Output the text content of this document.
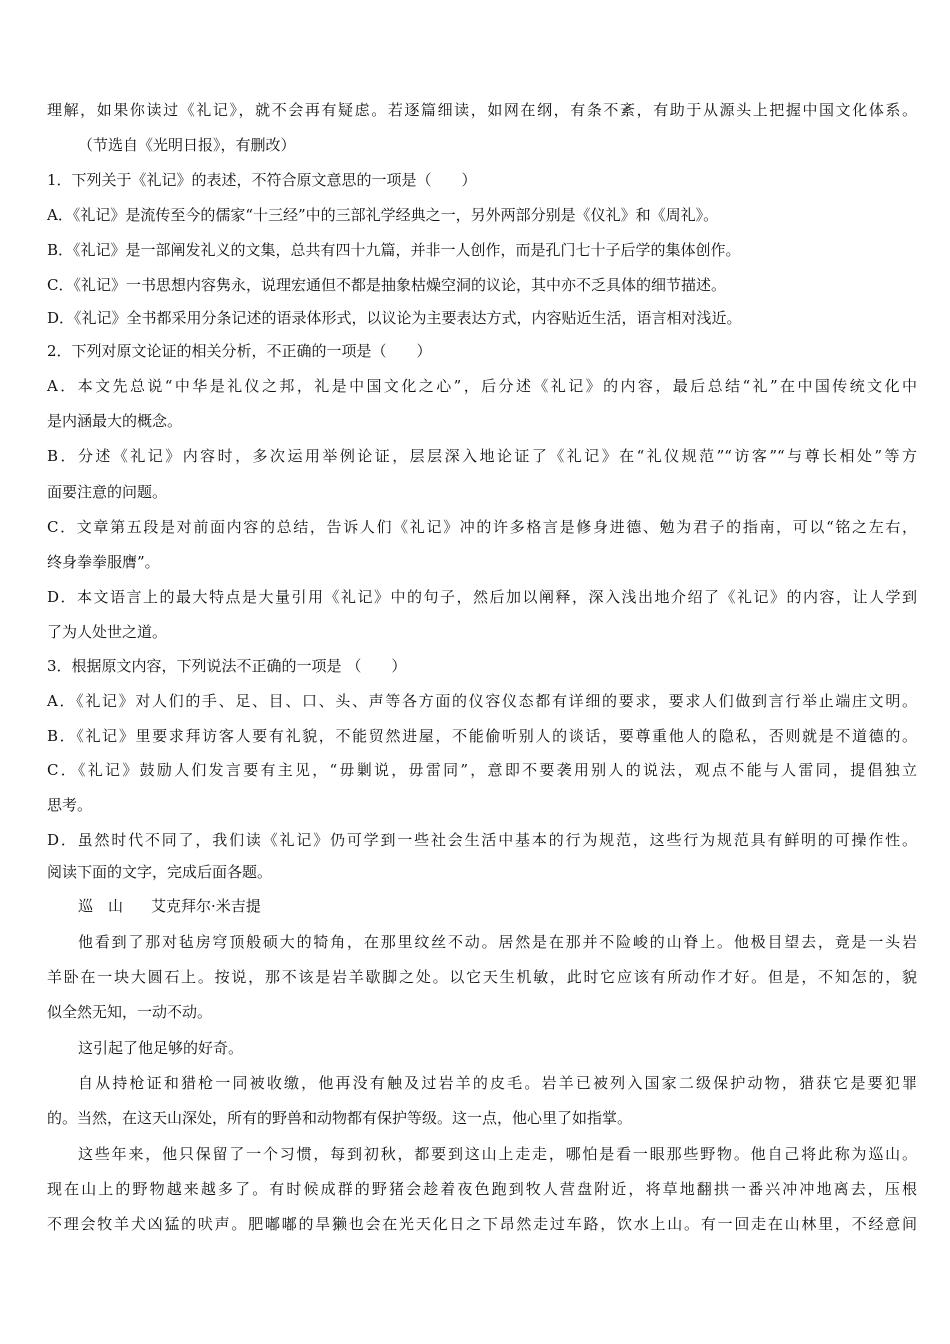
理解，如果你读过《礼记》，就不会再有疑虑。若逐篇细读，如网在纲，有条不紊，有助于从源头上把握中国文化体系。
（节选自《光明日报》，有删改）
1．下列关于《礼记》的表述，不符合原文意思的一项是（　　）
A．《礼记》是流传至今的儒家“十三经”中的三部礼学经典之一，另外两部分别是《仪礼》和《周礼》。
B．《礼记》是一部阐发礼义的文集，总共有四十九篇，并非一人创作，而是孔门七十子后学的集体创作。
C．《礼记》一书思想内容隽永，说理宏通但不都是抽象枯燥空洞的议论，其中亦不乏具体的细节描述。
D．《礼记》全书都采用分条记述的语录体形式，以议论为主要表达方式，内容贴近生活，语言相对浅近。
2．下列对原文论证的相关分析，不正确的一项是（　　）
A．本文先总说“中华是礼仪之邦，礼是中国文化之心”，后分述《礼记》的内容，最后总结“礼”在中国传统文化中
是内涵最大的概念。
B．分述《礼记》内容时，多次运用举例论证，层层深入地论证了《礼记》在“礼仪规范”“访客”“与尊长相处”等方
面要注意的问题。
C．文章第五段是对前面内容的总结，告诉人们《礼记》冲的许多格言是修身进德、勉为君子的指南，可以“铭之左右，
终身拳拳服膺”。
D．本文语言上的最大特点是大量引用《礼记》中的句子，然后加以阐释，深入浅出地介绍了《礼记》的内容，让人学到
了为人处世之道。
3．根据原文内容，下列说法不正确的一项是 （　　）
A．《礼记》对人们的手、足、目、口、头、声等各方面的仪容仪态都有详细的要求，要求人们做到言行举止端庄文明。
B．《礼记》里要求拜访客人要有礼貌，不能贸然进屋，不能偷听别人的谈话，要尊重他人的隐私，否则就是不道德的。
C．《礼记》鼓励人们发言要有主见，“毋剿说，毋雷同”，意即不要袭用别人的说法，观点不能与人雷同，提倡独立
思考。
D．虽然时代不同了，我们读《礼记》仍可学到一些社会生活中基本的行为规范，这些行为规范具有鲜明的可操作性。
阅读下面的文字，完成后面各题。
巡　山 艾克拜尔·米吉提
他看到了那对毡房穹顶般硕大的犄角，在那里纹丝不动。居然是在那并不险峻的山脊上。他极目望去，竟是一头岩
羊卧在一块大圆石上。按说，那不该是岩羊歇脚之处。以它天生机敏，此时它应该有所动作才好。但是，不知怎的，貌
似全然无知，一动不动。
这引起了他足够的好奇。
自从持枪证和猎枪一同被收缴，他再没有触及过岩羊的皮毛。岩羊已被列入国家二级保护动物，猎获它是要犯罪
的。当然，在这天山深处，所有的野兽和动物都有保护等级。这一点，他心里了如指掌。
这些年来，他只保留了一个习惯，每到初秋，都要到这山上走走，哪怕是看一眼那些野物。他自己将此称为巡山。
现在山上的野物越来越多了。有时候成群的野猪会趁着夜色跑到牧人营盘附近，将草地翻拱一番兴冲冲地离去，压根
不理会牧羊犬凶猛的吠声。肥嘟嘟的旱獭也会在光天化日之下昂然走过车路，饮水上山。有一回走在山林里，不经意间
